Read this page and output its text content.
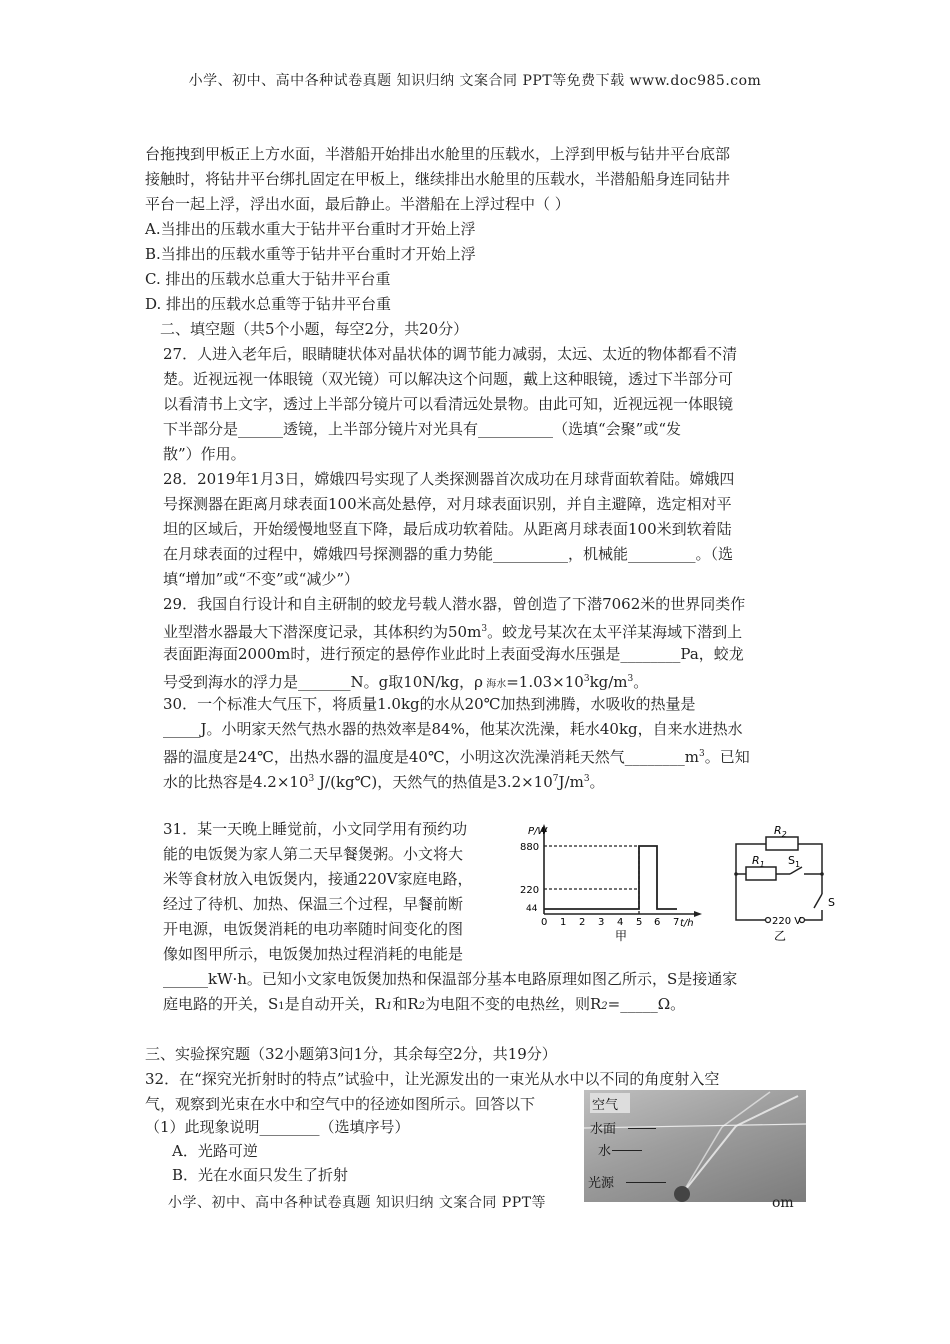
小学、初中、高中各种试卷真题 知识归纳 文案合同 PPT等免费下载 www.doc985.com
台拖拽到甲板正上方水面，半潜船开始排出水舱里的压载水，上浮到甲板与钻井平台底部
接触时，将钻井平台绑扎固定在甲板上，继续排出水舱里的压载水，半潜船船身连同钻井
平台一起上浮，浮出水面，最后静止。半潜船在上浮过程中（ ）
A.当排出的压载水重大于钻井平台重时才开始上浮
B.当排出的压载水重等于钻井平台重时才开始上浮
C. 排出的压载水总重大于钻井平台重
D. 排出的压载水总重等于钻井平台重
二、填空题（共5个小题，每空2分，共20分）
27．人进入老年后，眼睛睫状体对晶状体的调节能力减弱，太远、太近的物体都看不清
楚。近视远视一体眼镜（双光镜）可以解决这个问题，戴上这种眼镜，透过下半部分可
以看清书上文字，透过上半部分镜片可以看清远处景物。由此可知，近视远视一体眼镜
下半部分是______透镜，上半部分镜片对光具有__________（选填“会聚”或“发
散”）作用。
28．2019年1月3日，嫦娥四号实现了人类探测器首次成功在月球背面软着陆。嫦娥四
号探测器在距离月球表面100米高处悬停，对月球表面识别，并自主避障，选定相对平
坦的区域后，开始缓慢地竖直下降，最后成功软着陆。从距离月球表面100米到软着陆
在月球表面的过程中，嫦娥四号探测器的重力势能__________，机械能_________。（选
填“增加”或“不变”或“减少”）
29．我国自行设计和自主研制的蛟龙号载人潜水器，曾创造了下潜7062米的世界同类作
业型潜水器最大下潜深度记录，其体积约为$50m^3$。蛟龙号某次在太平洋某海域下潜到上
表面距海面2000m时，进行预定的悬停作业此时上表面受海水压强是________Pa，蛟龙
号受到海水的浮力是_______N。g取10N/kg，ρ 海水$=1.03\times 10^3kg/m^3$。
30．一个标准大气压下，将质量1.0kg的水从20℃加热到沸腾，水吸收的热量是
_____J。小明家天然气热水器的热效率是84%，他某次洗澡，耗水40kg，自来水进热水
器的温度是24℃，出热水器的温度是40℃，小明这次洗澡消耗天然气$\_\_\_\_\_\_\_\_m^3$。已知
水的比热容是$4.2\times 10^3$ J/(kg℃)，天然气的热值是$3.2\times 10^7J/m^3$。
31．某一天晚上睡觉前，小文同学用有预约功
能的电饭煲为家人第二天早餐煲粥。小文将大
米等食材放入电饭煲内，接通220V家庭电路，
经过了待机、加热、保温三个过程，早餐前断
开电源，电饭煲消耗的电功率随时间变化的图
像如图甲所示，电饭煲加热过程消耗的电能是
______kW·h。已知小文家电饭煲加热和保温部分基本电路原理如图乙所示，S是接通家
庭电路的开关，S1是自动开关，R1和R2为电阻不变的电热丝，则R2=_____Ω。
P/W
880
220
44
0 1 2 3 4 5 6 7 t/h
甲
$R_2$
$R_1$ $S_1$
S
220 V
乙
三、实验探究题（32小题第3问1分，其余每空2分，共19分）
32．在“探究光折射时的特点”试验中，让光源发出的一束光从水中以不同的角度射入空
气，观察到光束在水中和空气中的径迹如图所示。回答以下
（1）此现象说明________（选填序号）
A．光路可逆
B．光在水面只发生了折射
空气
水面
水
光源
小学、初中、高中各种试卷真题 知识归纳 文案合同 PPT等	om
